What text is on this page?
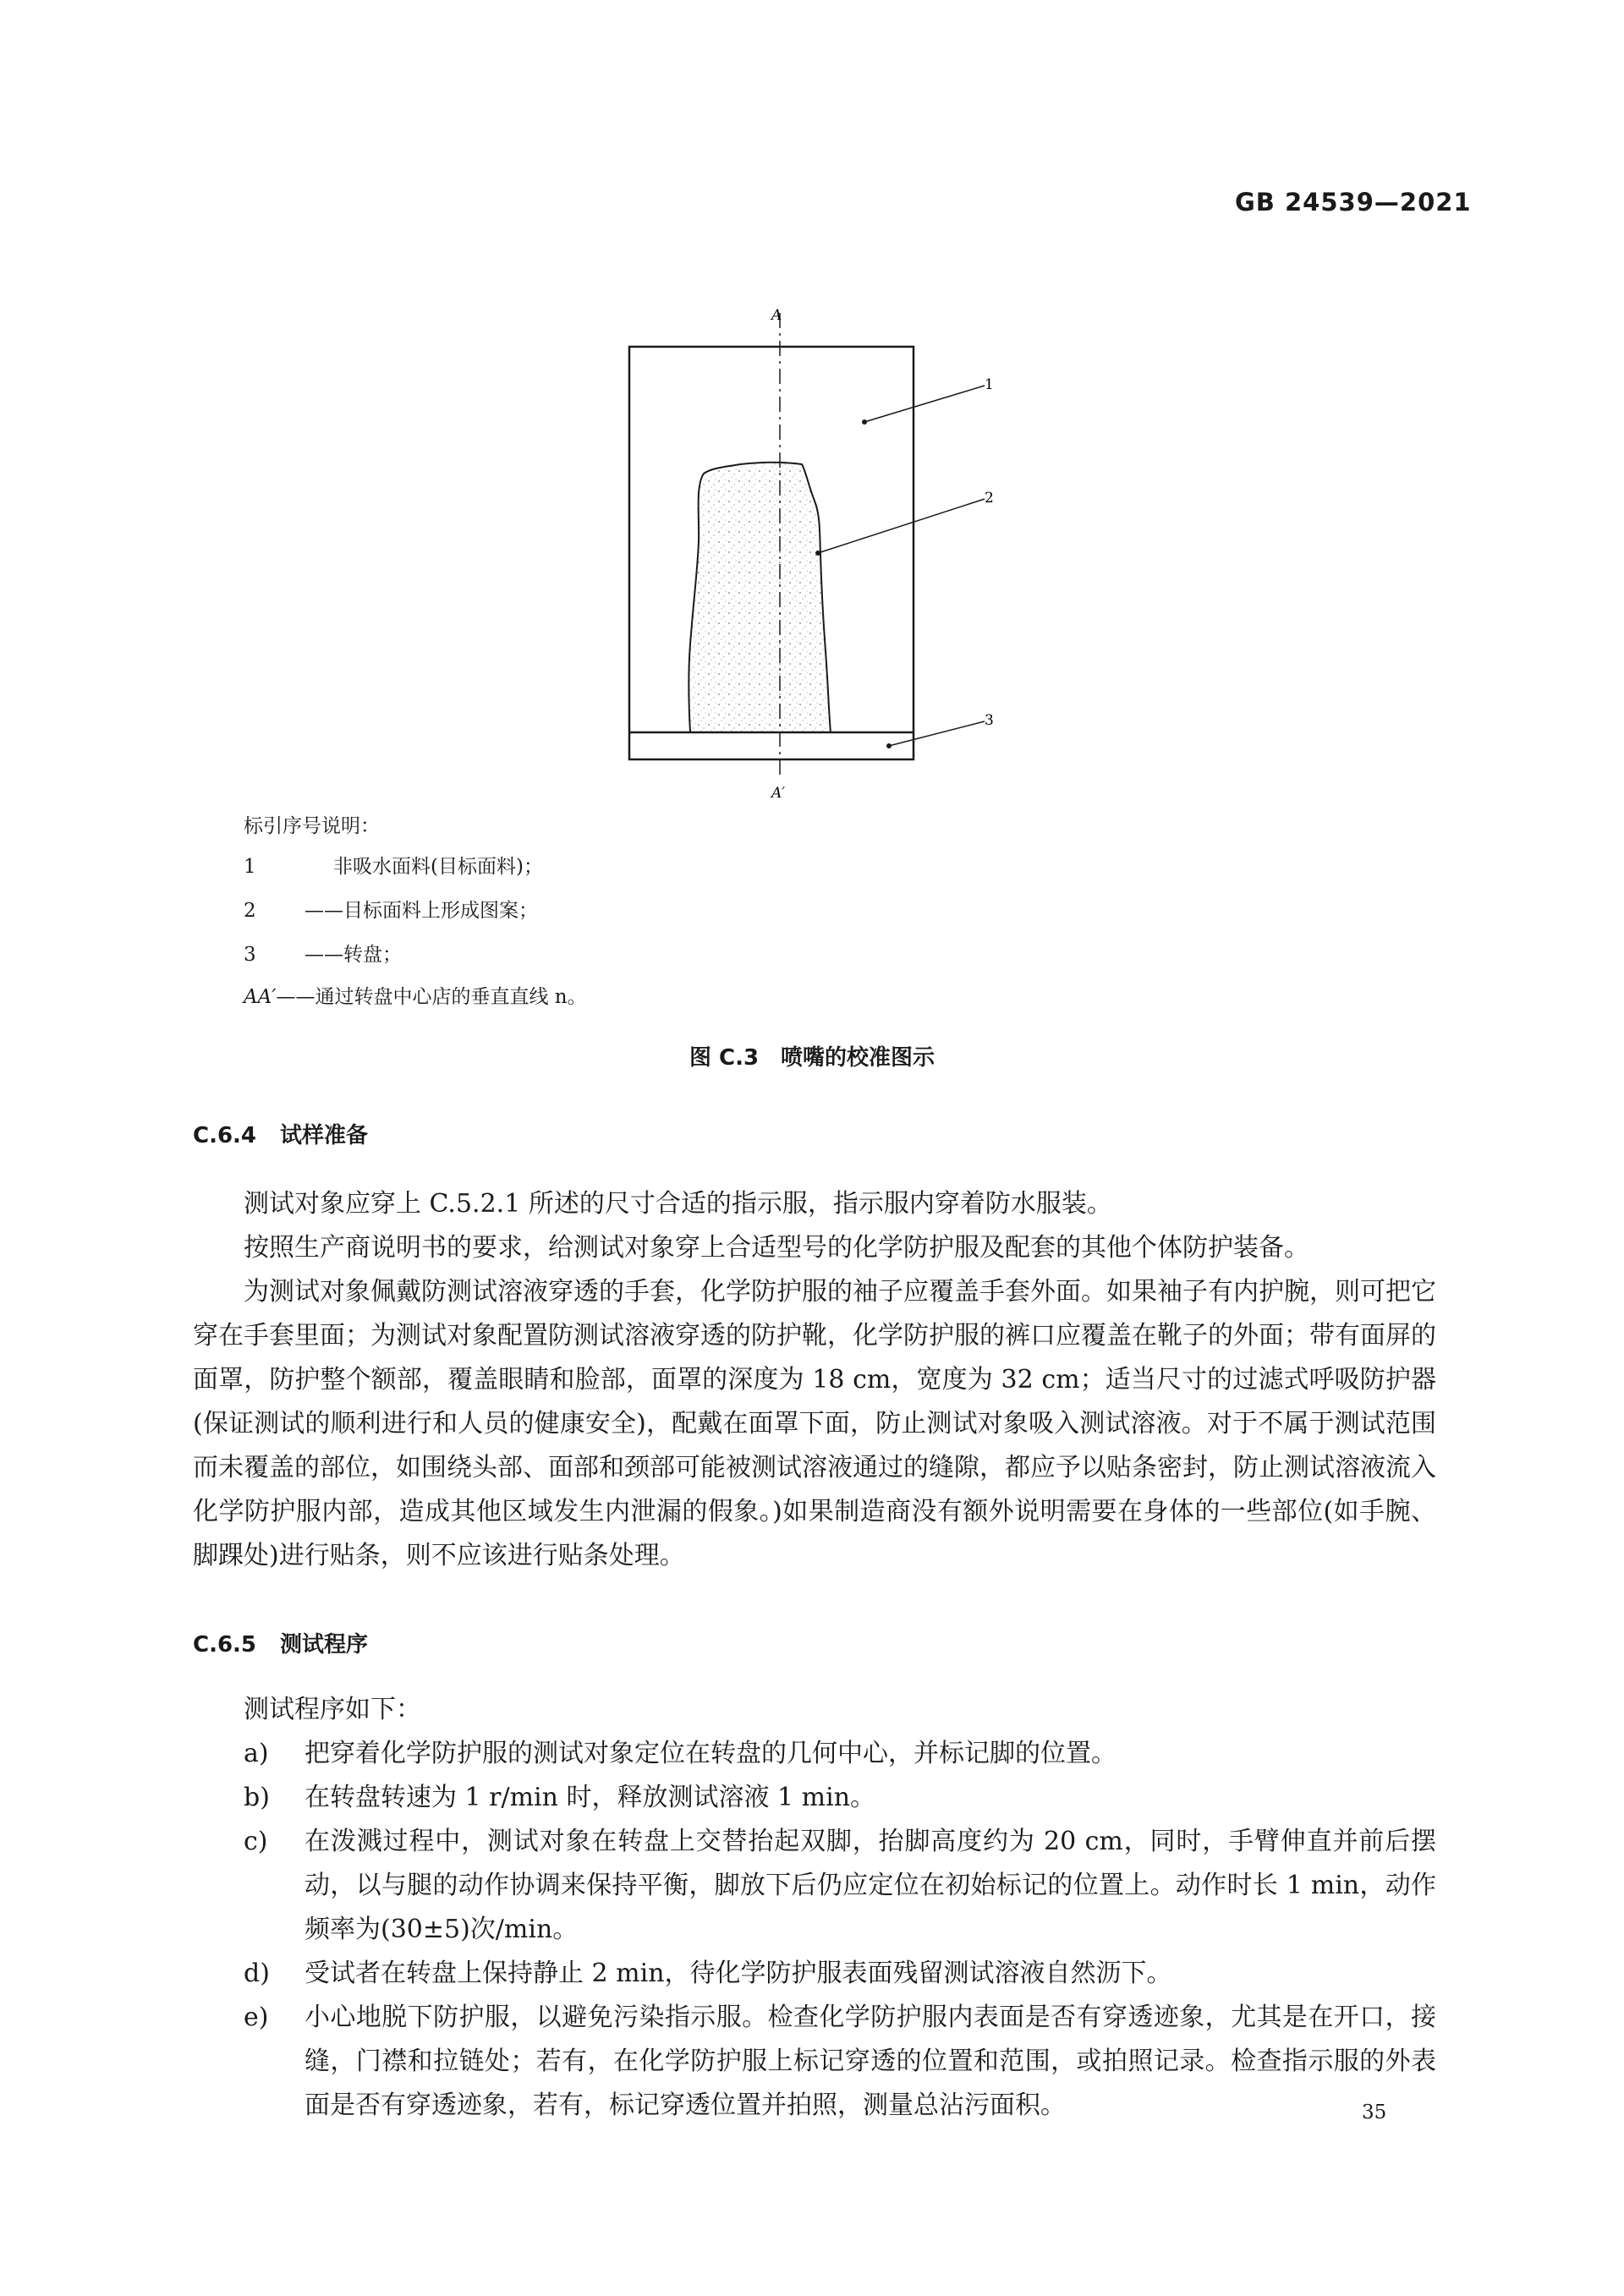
GB 24539—2021
A
A′
1
2
3
标引序号说明：
1	非吸水面料(目标面料)；
2 ——目标面料上形成图案；
3 ——转盘；
AA′——通过转盘中心店的垂直直线 n。
图 C.3　喷嘴的校准图示
C.6.4 试样准备
测试对象应穿上 C.5.2.1 所述的尺寸合适的指示服，指示服内穿着防水服装。
按照生产商说明书的要求，给测试对象穿上合适型号的化学防护服及配套的其他个体防护装备。
为测试对象佩戴防测试溶液穿透的手套，化学防护服的袖子应覆盖手套外面。如果袖子有内护腕，则可把它穿在手套里面；为测试对象配置防测试溶液穿透的防护靴，化学防护服的裤口应覆盖在靴子的外面；带有面屏的面罩，防护整个额部，覆盖眼睛和脸部，面罩的深度为 18 cm，宽度为 32 cm；适当尺寸的过滤式呼吸防护器(保证测试的顺利进行和人员的健康安全)，配戴在面罩下面，防止测试对象吸入测试溶液。对于不属于测试范围而未覆盖的部位，如围绕头部、面部和颈部可能被测试溶液通过的缝隙，都应予以贴条密封，防止测试溶液流入化学防护服内部，造成其他区域发生内泄漏的假象。)如果制造商没有额外说明需要在身体的一些部位(如手腕、脚踝处)进行贴条，则不应该进行贴条处理。
C.6.5 测试程序
测试程序如下：
a)	把穿着化学防护服的测试对象定位在转盘的几何中心，并标记脚的位置。
b)	在转盘转速为 1 r/min 时，释放测试溶液 1 min。
c)	在泼溅过程中，测试对象在转盘上交替抬起双脚，抬脚高度约为 20 cm，同时，手臂伸直并前后摆动，以与腿的动作协调来保持平衡，脚放下后仍应定位在初始标记的位置上。动作时长 1 min，动作频率为(30±5)次/min。
d)	受试者在转盘上保持静止 2 min，待化学防护服表面残留测试溶液自然沥下。
e)	小心地脱下防护服，以避免污染指示服。检查化学防护服内表面是否有穿透迹象，尤其是在开口，接缝，门襟和拉链处；若有，在化学防护服上标记穿透的位置和范围，或拍照记录。检查指示服的外表面是否有穿透迹象，若有，标记穿透位置并拍照，测量总沾污面积。	35
